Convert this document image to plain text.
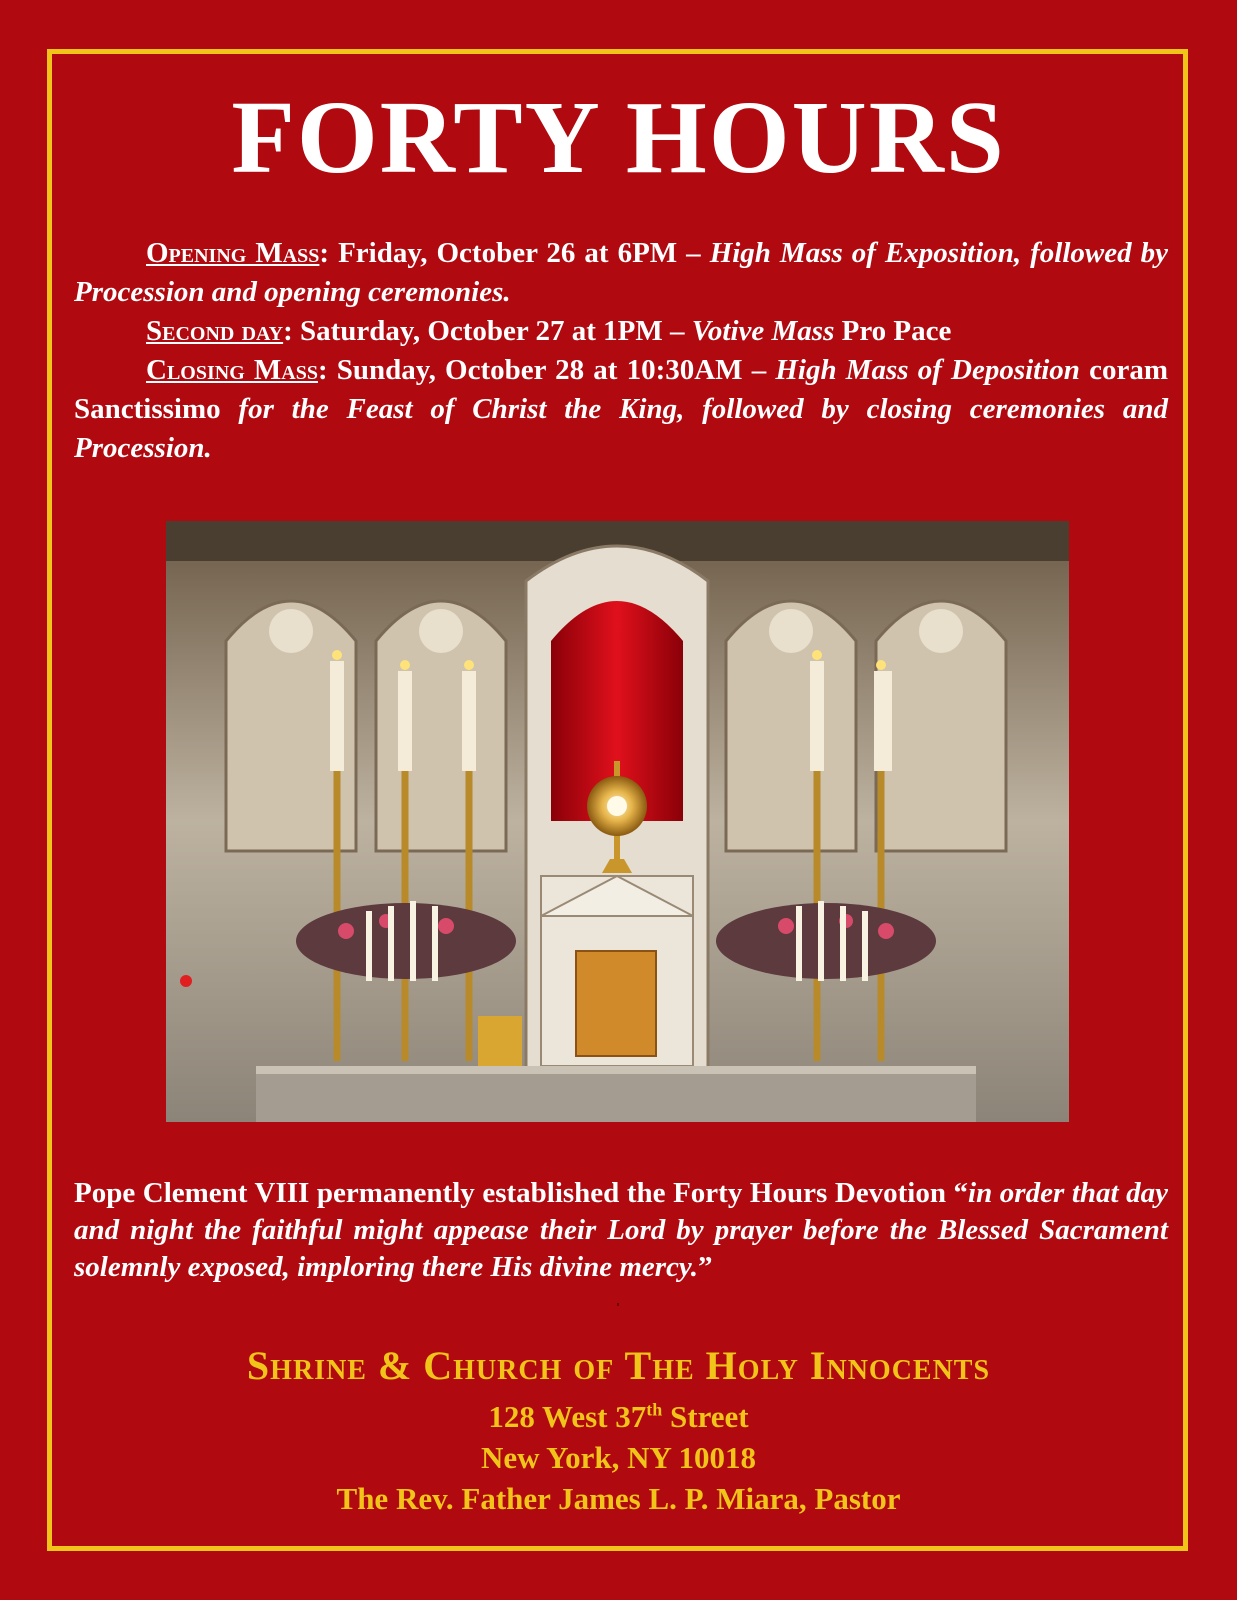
FORTY HOURS

Opening Mass: Friday, October 26 at 6PM – High Mass of Exposition, followed by Procession and opening ceremonies.

Second day: Saturday, October 27 at 1PM – Votive Mass Pro Pace

Closing Mass: Sunday, October 28 at 10:30AM – High Mass of Deposition coram Sanctissimo for the Feast of Christ the King, followed by closing ceremonies and Procession.

Pope Clement VIII permanently established the Forty Hours Devotion “in order that day and night the faithful might appease their Lord by prayer before the Blessed Sacrament solemnly exposed, imploring there His divine mercy.”
Shrine & Church of The Holy Innocents
128 West 37th Street
New York, NY 10018
The Rev. Father James L. P. Miara, Pastor
